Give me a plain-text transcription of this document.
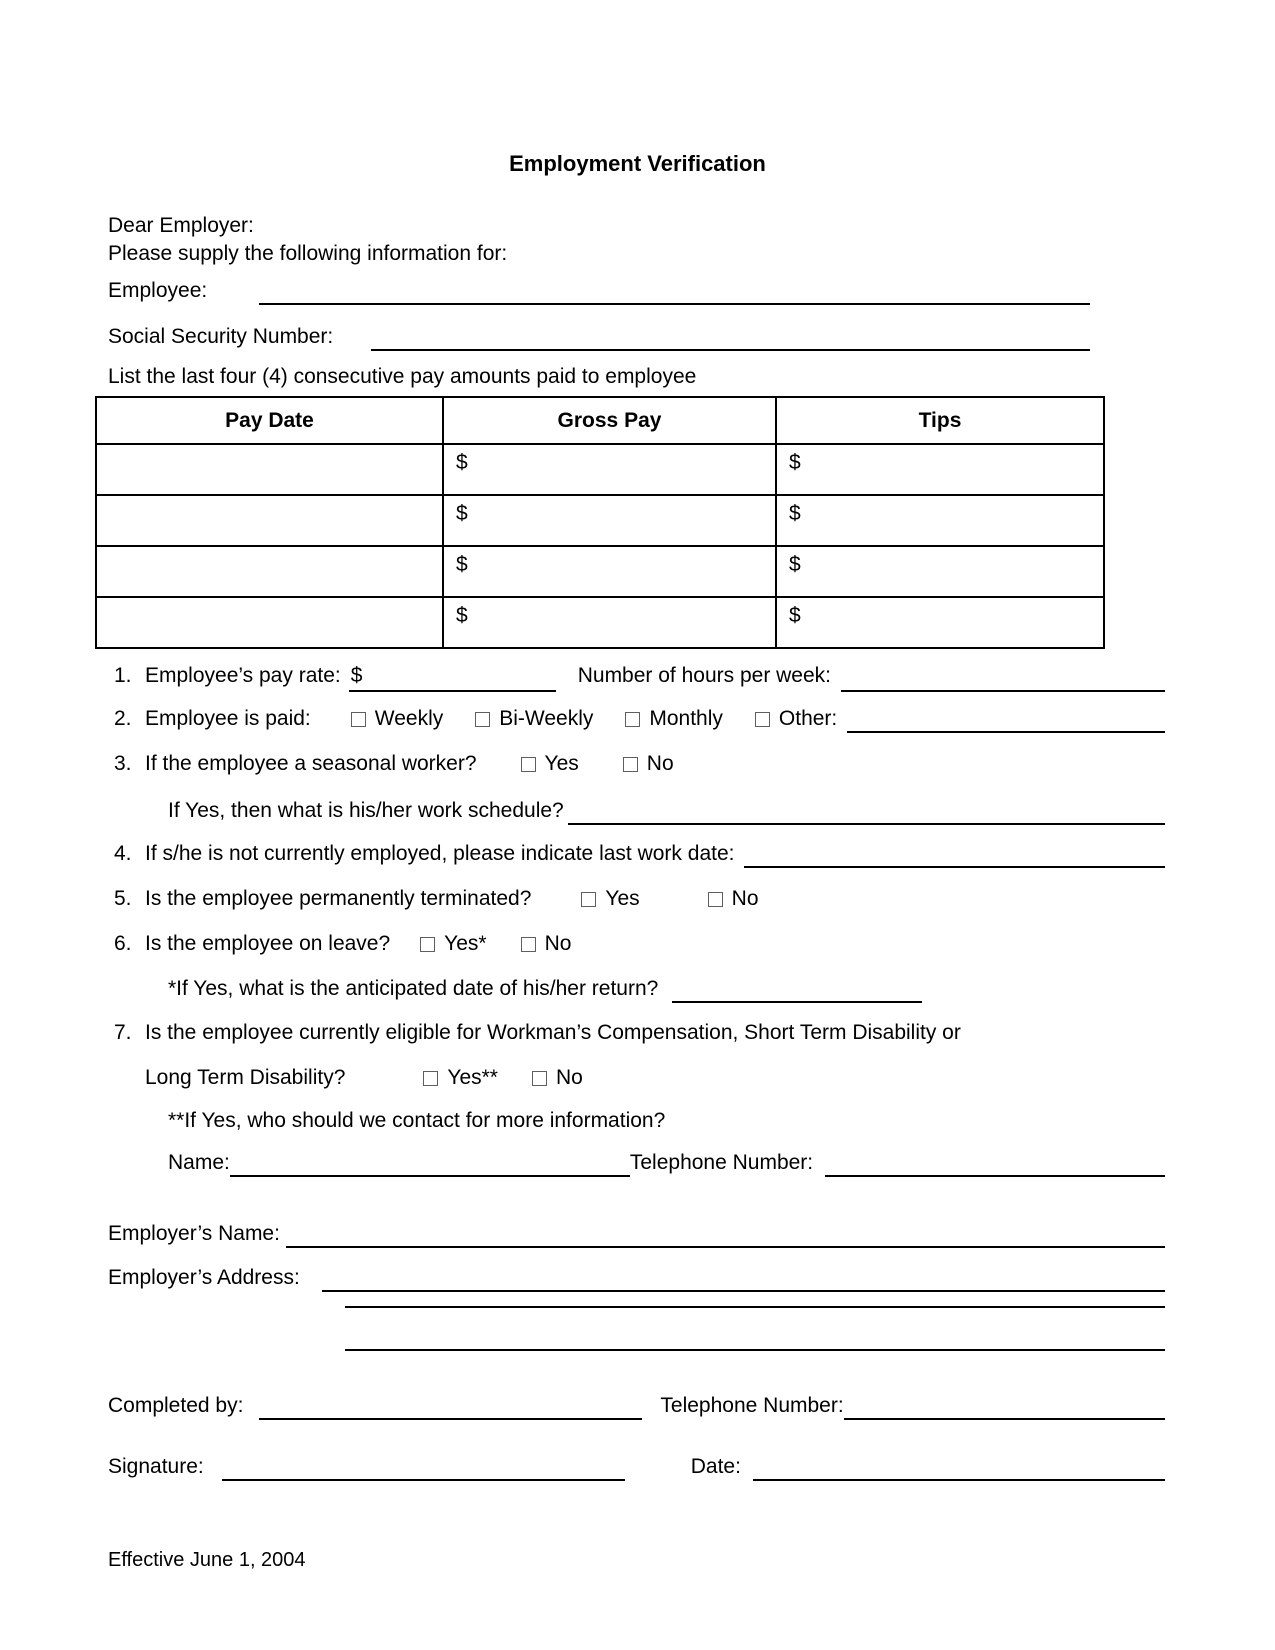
Employment Verification
Dear Employer:
Please supply the following information for:
Employee:
Social Security Number:
List the last four (4) consecutive pay amounts paid to employee
Pay Date	Gross Pay	Tips
	$	$
	$	$
	$	$
	$	$
1. Employee’s pay rate: $	Number of hours per week:
2. Employee is paid:	Weekly	Bi-Weekly	Monthly	Other:
3. If the employee a seasonal worker?	Yes	No
If Yes, then what is his/her work schedule?
4. If s/he is not currently employed, please indicate last work date:
5. Is the employee permanently terminated?	Yes	No
6. Is the employee on leave?	Yes*	No
*If Yes, what is the anticipated date of his/her return?
7. Is the employee currently eligible for Workman’s Compensation, Short Term Disability or
Long Term Disability?	Yes**	No
**If Yes, who should we contact for more information?
Name:	Telephone Number:
Employer’s Name:
Employer’s Address:
Completed by:	Telephone Number:
Signature:	Date:
Effective June 1, 2004
